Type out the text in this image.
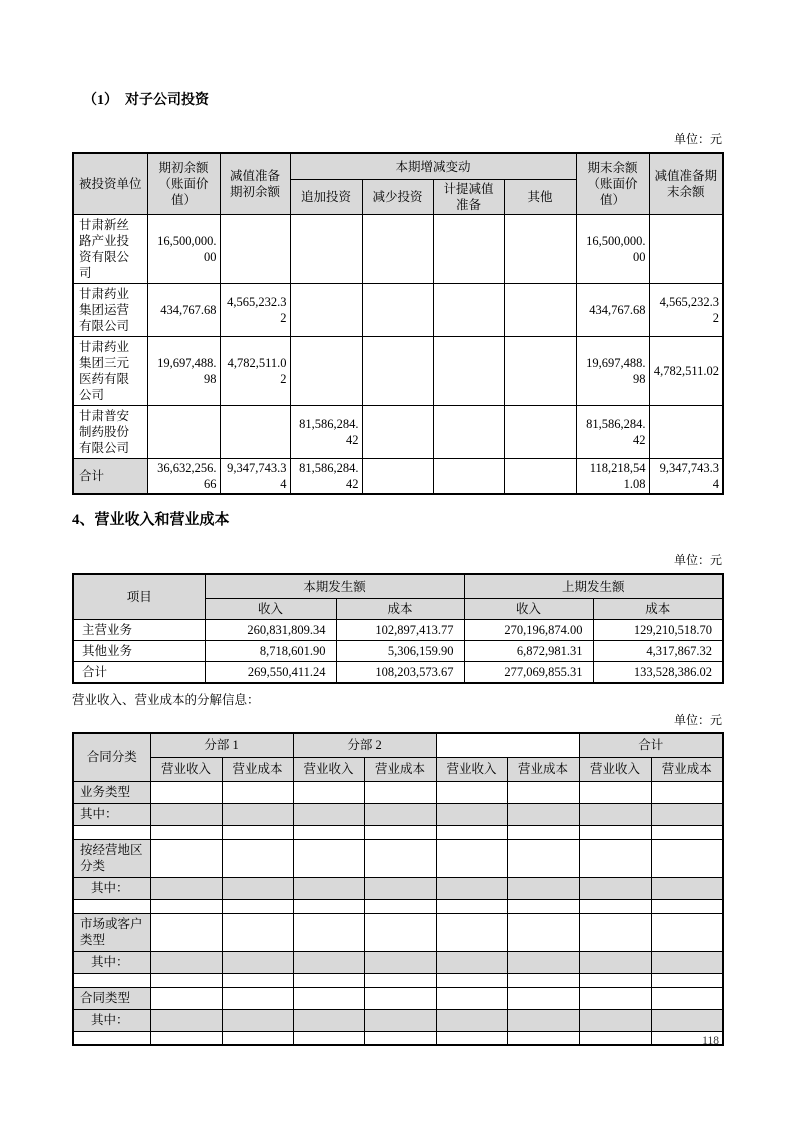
（1）　对子公司投资
单位：元
被投资单位	期初余额（账面价值）	减值准备期初余额	本期增减变动				期末余额（账面价值）	减值准备期末余额
			追加投资	减少投资	计提减值准备	其他		
甘肃新丝路产业投资有限公司	16,500,000.00						16,500,000.00	
甘肃药业集团运营有限公司	434,767.68	4,565,232.32					434,767.68	4,565,232.32
甘肃药业集团三元医药有限公司	19,697,488.98	4,782,511.02					19,697,488.98	4,782,511.02
甘肃普安制药股份有限公司			81,586,284.42				81,586,284.42	
合计	36,632,256.66	9,347,743.34	81,586,284.42				118,218,541.08	9,347,743.34
4、营业收入和营业成本
单位：元
项目	本期发生额		上期发生额	
	收入	成本	收入	成本
主营业务	260,831,809.34	102,897,413.77	270,196,874.00	129,210,518.70
其他业务	8,718,601.90	5,306,159.90	6,872,981.31	4,317,867.32
合计	269,550,411.24	108,203,573.67	277,069,855.31	133,528,386.02

营业收入、营业成本的分解信息：

单位：元
合同分类	分部 1		分部 2				合计	
	营业收入	营业成本	营业收入	营业成本	营业收入	营业成本	营业收入	营业成本
业务类型								
其中：								

按经营地区分类								
其中：								

市场或客户类型								
其中：								

合同类型								
其中：								

118
